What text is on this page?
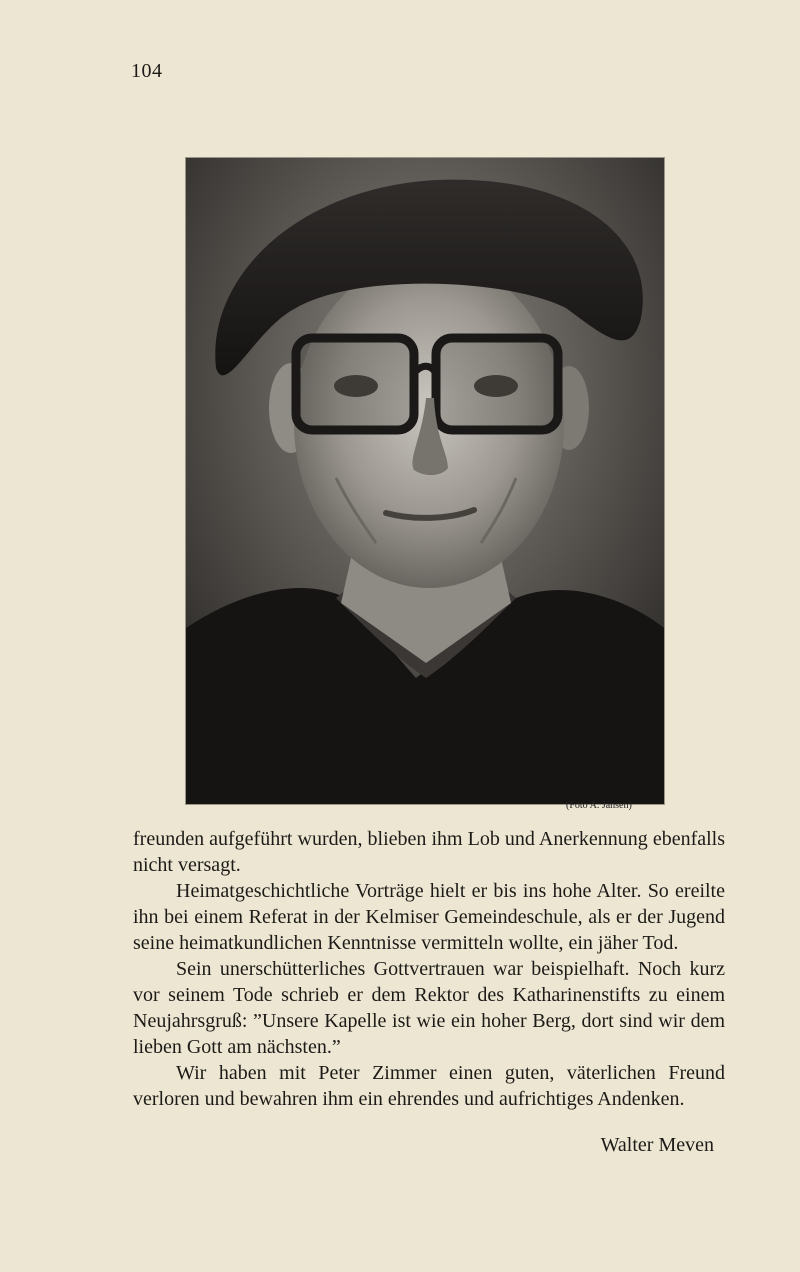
104
(Foto A. Jansen)

freunden aufgeführt wurden, blieben ihm Lob und Anerkennung ebenfalls nicht versagt.

Heimatgeschichtliche Vorträge hielt er bis ins hohe Alter. So ereilte ihn bei einem Referat in der Kelmiser Gemeindeschule, als er der Jugend seine heimatkundlichen Kenntnisse vermitteln wollte, ein jäher Tod.

Sein unerschütterliches Gottvertrauen war beispielhaft. Noch kurz vor seinem Tode schrieb er dem Rektor des Katharinenstifts zu einem Neujahrsgruß: ”Unsere Kapelle ist wie ein hoher Berg, dort sind wir dem lieben Gott am nächsten.”

Wir haben mit Peter Zimmer einen guten, väterlichen Freund verloren und bewahren ihm ein ehrendes und aufrichtiges Andenken.

Walter Meven
